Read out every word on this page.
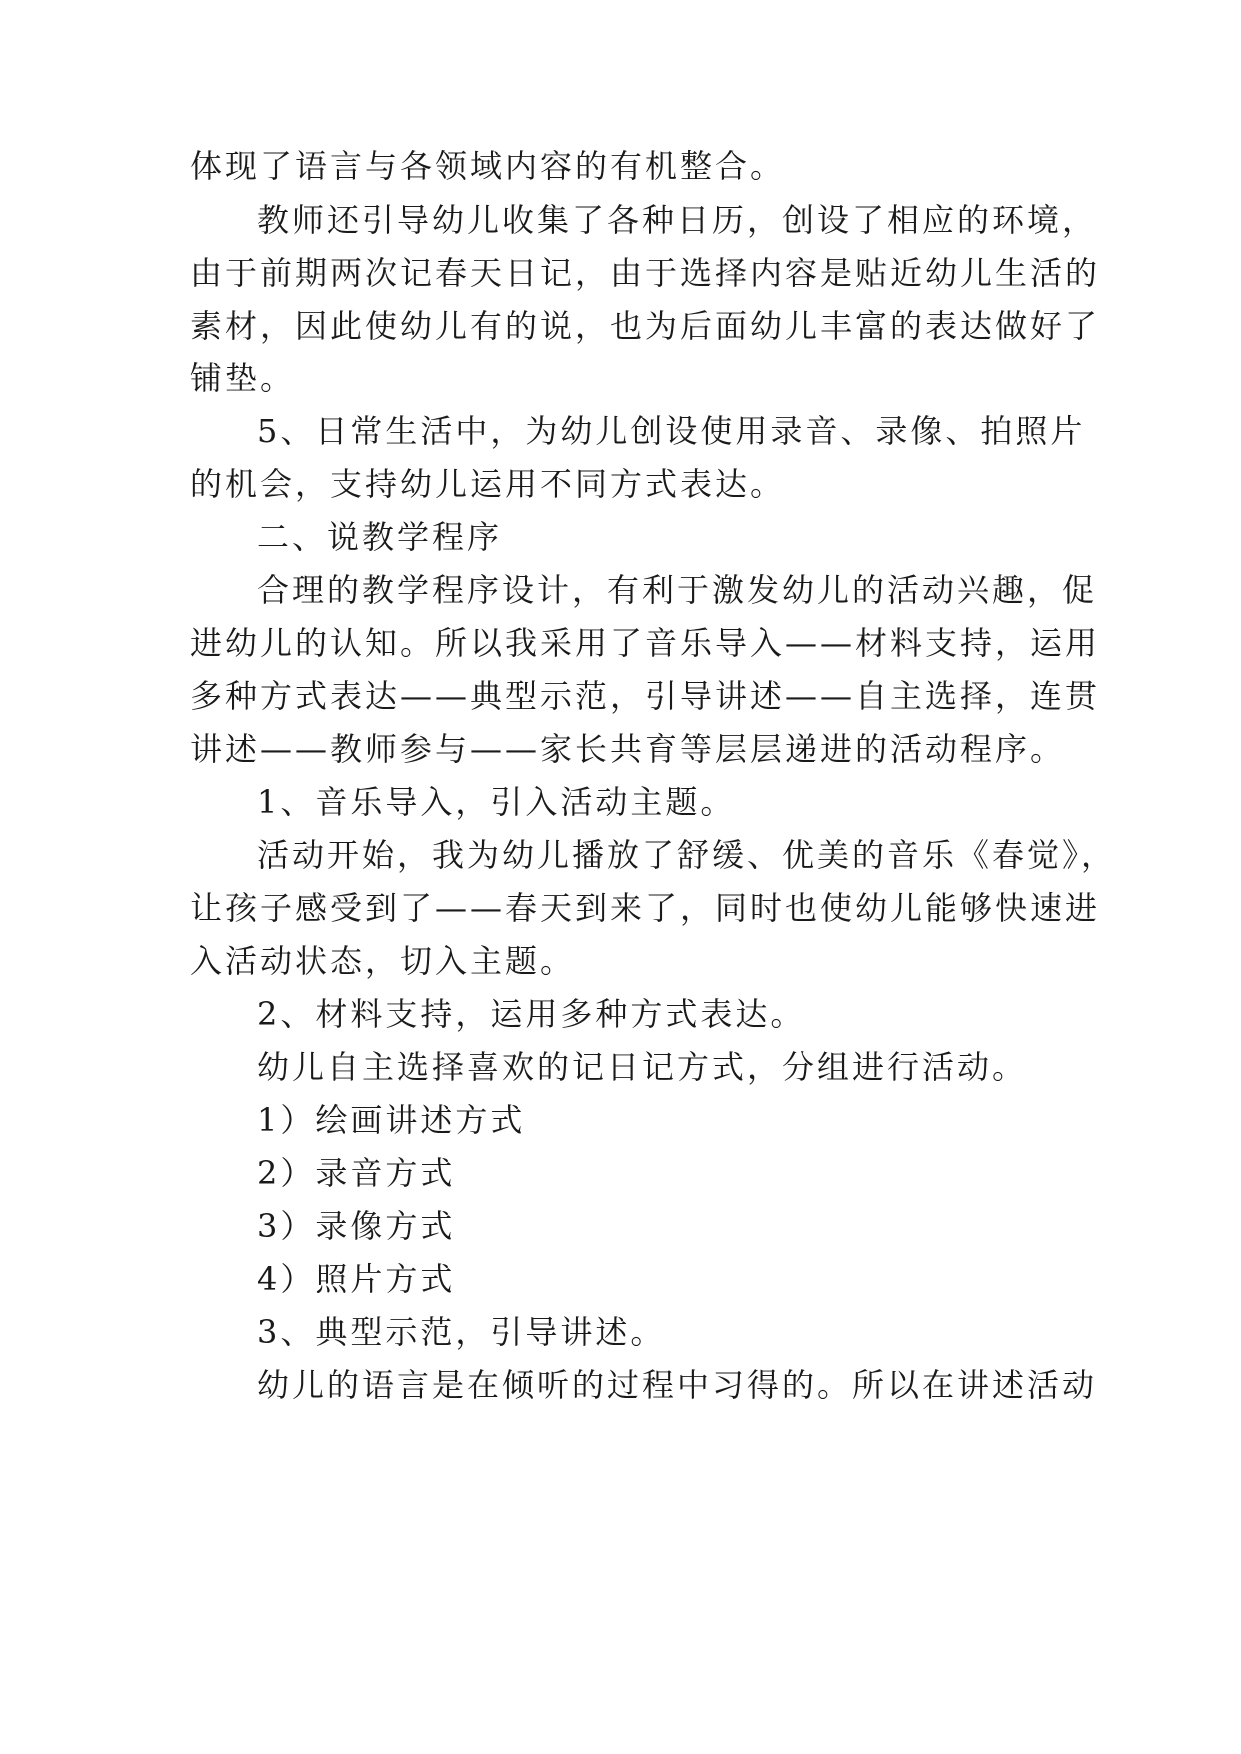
体现了语言与各领域内容的有机整合。
教师还引导幼儿收集了各种日历，创设了相应的环境，
由于前期两次记春天日记，由于选择内容是贴近幼儿生活的
素材，因此使幼儿有的说，也为后面幼儿丰富的表达做好了
铺垫。
5、日常生活中，为幼儿创设使用录音、录像、拍照片
的机会，支持幼儿运用不同方式表达。
二、说教学程序
合理的教学程序设计，有利于激发幼儿的活动兴趣，促
进幼儿的认知。所以我采用了音乐导入——材料支持，运用
多种方式表达——典型示范，引导讲述——自主选择，连贯
讲述——教师参与——家长共育等层层递进的活动程序。
1、音乐导入，引入活动主题。
活动开始，我为幼儿播放了舒缓、优美的音乐《春觉》，
让孩子感受到了——春天到来了，同时也使幼儿能够快速进
入活动状态，切入主题。
2、材料支持，运用多种方式表达。
幼儿自主选择喜欢的记日记方式，分组进行活动。
1）绘画讲述方式
2）录音方式
3）录像方式
4）照片方式
3、典型示范，引导讲述。
幼儿的语言是在倾听的过程中习得的。所以在讲述活动
